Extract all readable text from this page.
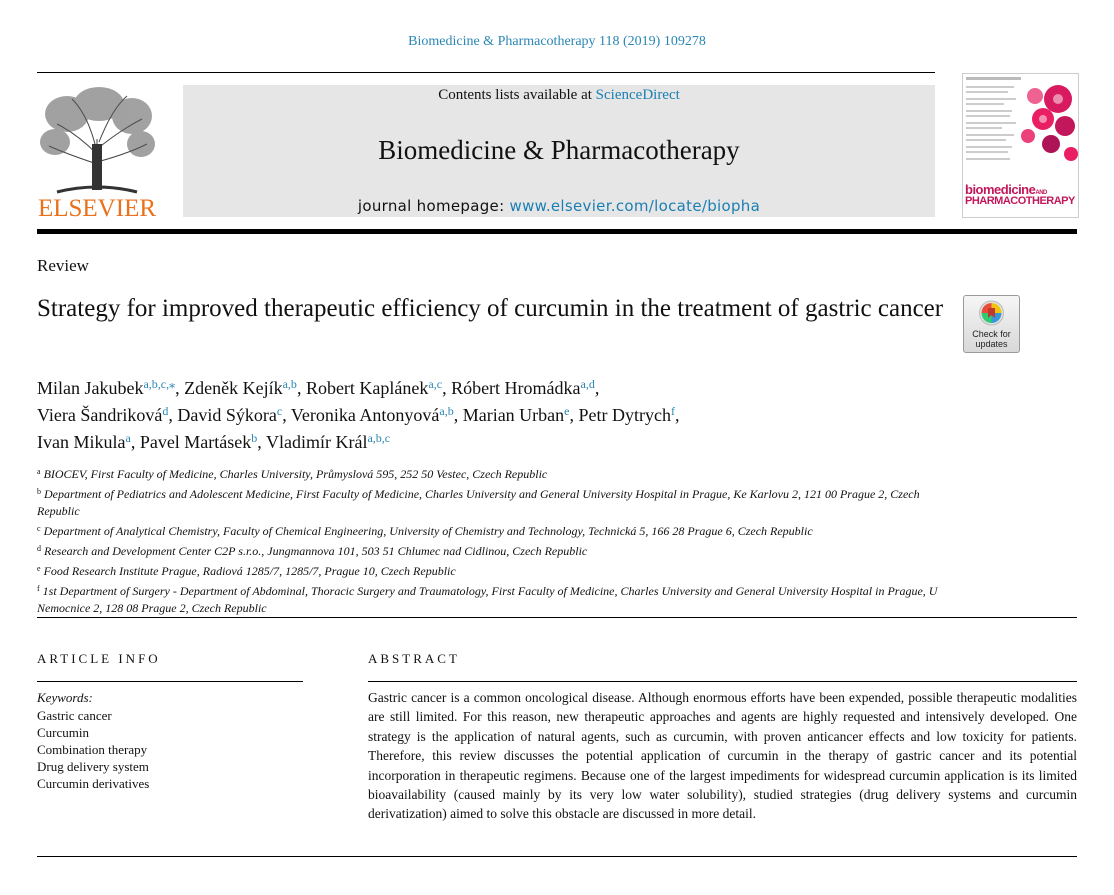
Biomedicine & Pharmacotherapy 118 (2019) 109278
ELSEVIER
Contents lists available at ScienceDirect
Biomedicine & Pharmacotherapy
journal homepage: www.elsevier.com/locate/biopha
biomedicineAND
PHARMACOTHERAPY
Review
Strategy for improved therapeutic efficiency of curcumin in the treatment of gastric cancer
Check for updates
Milan Jakubek$^{a,b,c,⁎}$, Zdeněk Kejík$^{a,b}$, Robert Kaplánek$^{a,c}$, Róbert Hromádka$^{a,d}$,
Viera Šandriková$^d$, David Sýkora$^c$, Veronika Antonyová$^{a,b}$, Marian Urban$^e$, Petr Dytrych$^f$,
Ivan Mikula$^a$, Pavel Martásek$^b$, Vladimír Král$^{a,b,c}$
$^a$ BIOCEV, First Faculty of Medicine, Charles University, Průmyslová 595, 252 50 Vestec, Czech Republic
$^b$ Department of Pediatrics and Adolescent Medicine, First Faculty of Medicine, Charles University and General University Hospital in Prague, Ke Karlovu 2, 121 00 Prague 2, Czech Republic
$^c$ Department of Analytical Chemistry, Faculty of Chemical Engineering, University of Chemistry and Technology, Technická 5, 166 28 Prague 6, Czech Republic
$^d$ Research and Development Center C2P s.r.o., Jungmannova 101, 503 51 Chlumec nad Cidlinou, Czech Republic
$^e$ Food Research Institute Prague, Radiová 1285/7, 1285/7, Prague 10, Czech Republic
$^f$ 1st Department of Surgery - Department of Abdominal, Thoracic Surgery and Traumatology, First Faculty of Medicine, Charles University and General University Hospital in Prague, U Nemocnice 2, 128 08 Prague 2, Czech Republic
ARTICLE INFO	ABSTRACT
Keywords:
Gastric cancer
Curcumin
Combination therapy
Drug delivery system
Curcumin derivatives

Gastric cancer is a common oncological disease. Although enormous efforts have been expended, possible therapeutic modalities are still limited. For this reason, new therapeutic approaches and agents are highly requested and intensively developed. One strategy is the application of natural agents, such as curcumin, with proven anticancer effects and low toxicity for patients. Therefore, this review discusses the potential application of curcumin in the therapy of gastric cancer and its potential incorporation in therapeutic regimens. Because one of the largest impediments for widespread curcumin application is its limited bioavailability (caused mainly by its very low water solubility), studied strategies (drug delivery systems and curcumin derivatization) aimed to solve this obstacle are discussed in more detail.
